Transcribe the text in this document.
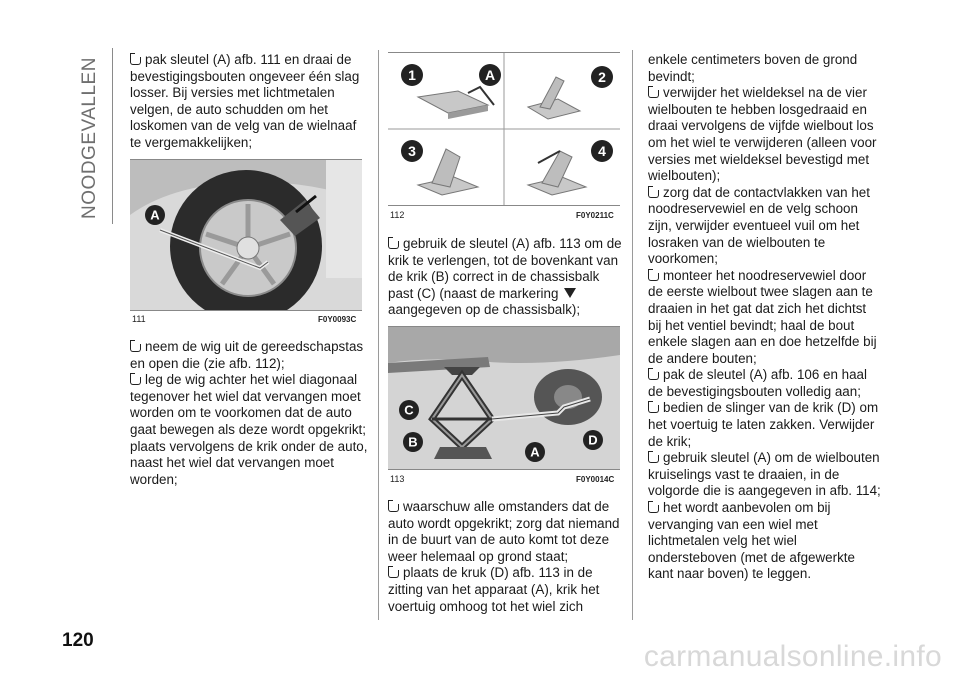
NOODGEVALLEN
120

pak sleutel (A) afb. 111 en draai de bevestigingsbouten ongeveer één slag losser. Bij versies met lichtmetalen velgen, de auto schudden om het loskomen van de velg van de wielnaaf te vergemakkelijken;

A
111	F0Y0093C

neem de wig uit de gereedschapstas en open die (zie afb. 112);

leg de wig achter het wiel diagonaal tegenover het wiel dat vervangen moet worden om te voorkomen dat de auto gaat bewegen als deze wordt opgekrikt; plaats vervolgens de krik onder de auto, naast het wiel dat vervangen moet worden;

1	A	2
3	4
112	F0Y0211C

gebruik de sleutel (A) afb. 113 om de krik te verlengen, tot de bovenkant van de krik (B) correct in de chassisbalk past (C) (naast de markering
aangegeven op de chassisbalk);

C
B
A
D
113	F0Y0014C

waarschuw alle omstanders dat de auto wordt opgekrikt; zorg dat niemand in de buurt van de auto komt tot deze weer helemaal op grond staat;

plaats de kruk (D) afb. 113 in de zitting van het apparaat (A), krik het voertuig omhoog tot het wiel zich

enkele centimeters boven de grond bevindt;

verwijder het wieldeksel na de vier wielbouten te hebben losgedraaid en draai vervolgens de vijfde wielbout los om het wiel te verwijderen (alleen voor versies met wieldeksel bevestigd met wielbouten);

zorg dat de contactvlakken van het noodreservewiel en de velg schoon zijn, verwijder eventueel vuil om het losraken van de wielbouten te voorkomen;

monteer het noodreservewiel door de eerste wielbout twee slagen aan te draaien in het gat dat zich het dichtst bij het ventiel bevindt; haal de bout enkele slagen aan en doe hetzelfde bij de andere bouten;

pak de sleutel (A) afb. 106 en haal de bevestigingsbouten volledig aan;

bedien de slinger van de krik (D) om het voertuig te laten zakken. Verwijder de krik;

gebruik sleutel (A) om de wielbouten kruiselings vast te draaien, in de volgorde die is aangegeven in afb. 114;

het wordt aanbevolen om bij vervanging van een wiel met lichtmetalen velg het wiel ondersteboven (met de afgewerkte kant naar boven) te leggen.

carmanualsonline.info
